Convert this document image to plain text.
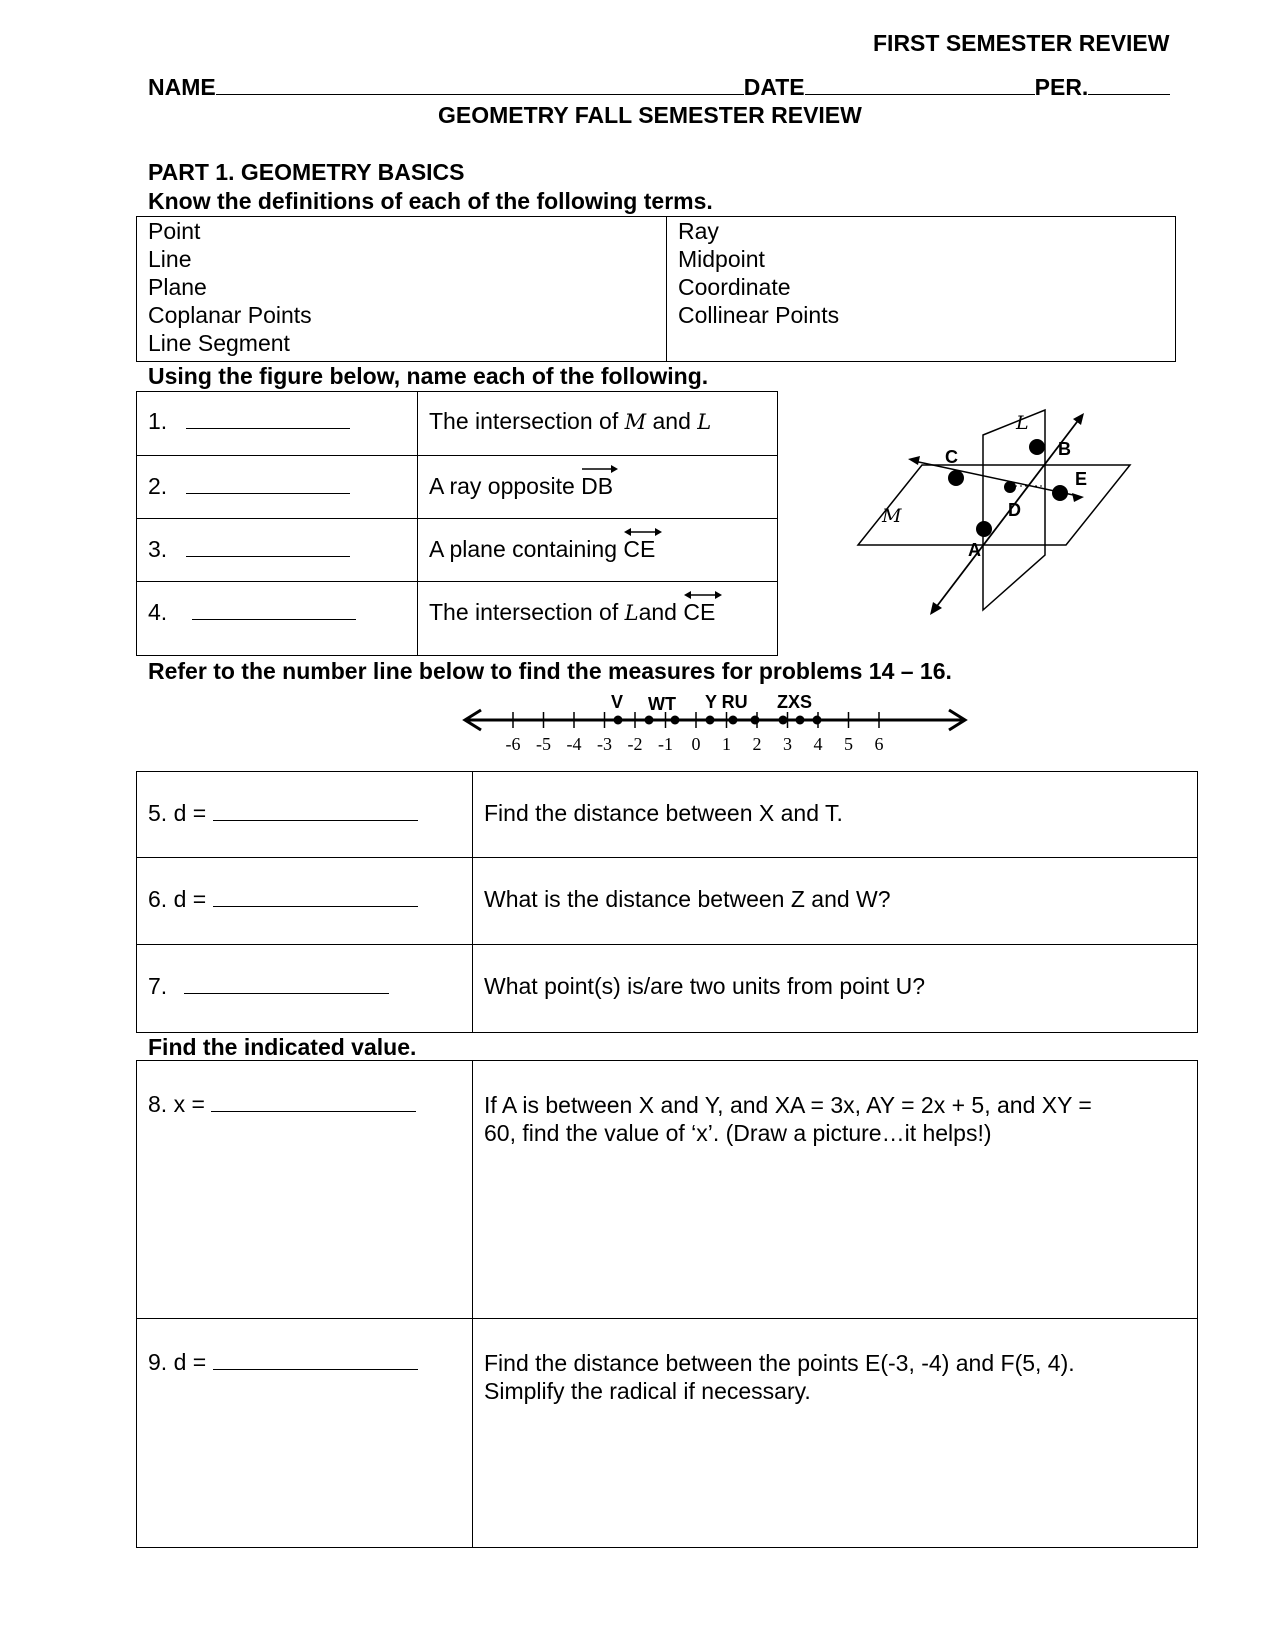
FIRST SEMESTER REVIEW
NAME	DATE	PER.
GEOMETRY FALL SEMESTER REVIEW
PART 1. GEOMETRY BASICS
Know the definitions of each of the following terms.
Point
Line
Plane
Coplanar Points
Line Segment

Ray
Midpoint
Coordinate
Collinear Points
Using the figure below, name each of the following.
1.	The intersection of M and L
2.	A ray opposite
DB
3.	A plane containing
CE
4.	The intersection of Land
CE
M
L
A
B
C
D
E
Refer to the number line below to find the measures for problems 14 – 16.
-6 -5 -4 -3 -2 -1 0 1 2 3 4 5 6
V WT Y RU ZXS
5. d =	Find the distance between X and T.
6. d =	What is the distance between Z and W?
7.	What point(s) is/are two units from point U?
Find the indicated value.
8. x =	If A is between X and Y, and XA = 3x, AY = 2x + 5, and XY =
60, find the value of ‘x’. (Draw a picture…it helps!)

9. d =	Find the distance between the points E(-3, -4) and F(5, 4).
Simplify the radical if necessary.
